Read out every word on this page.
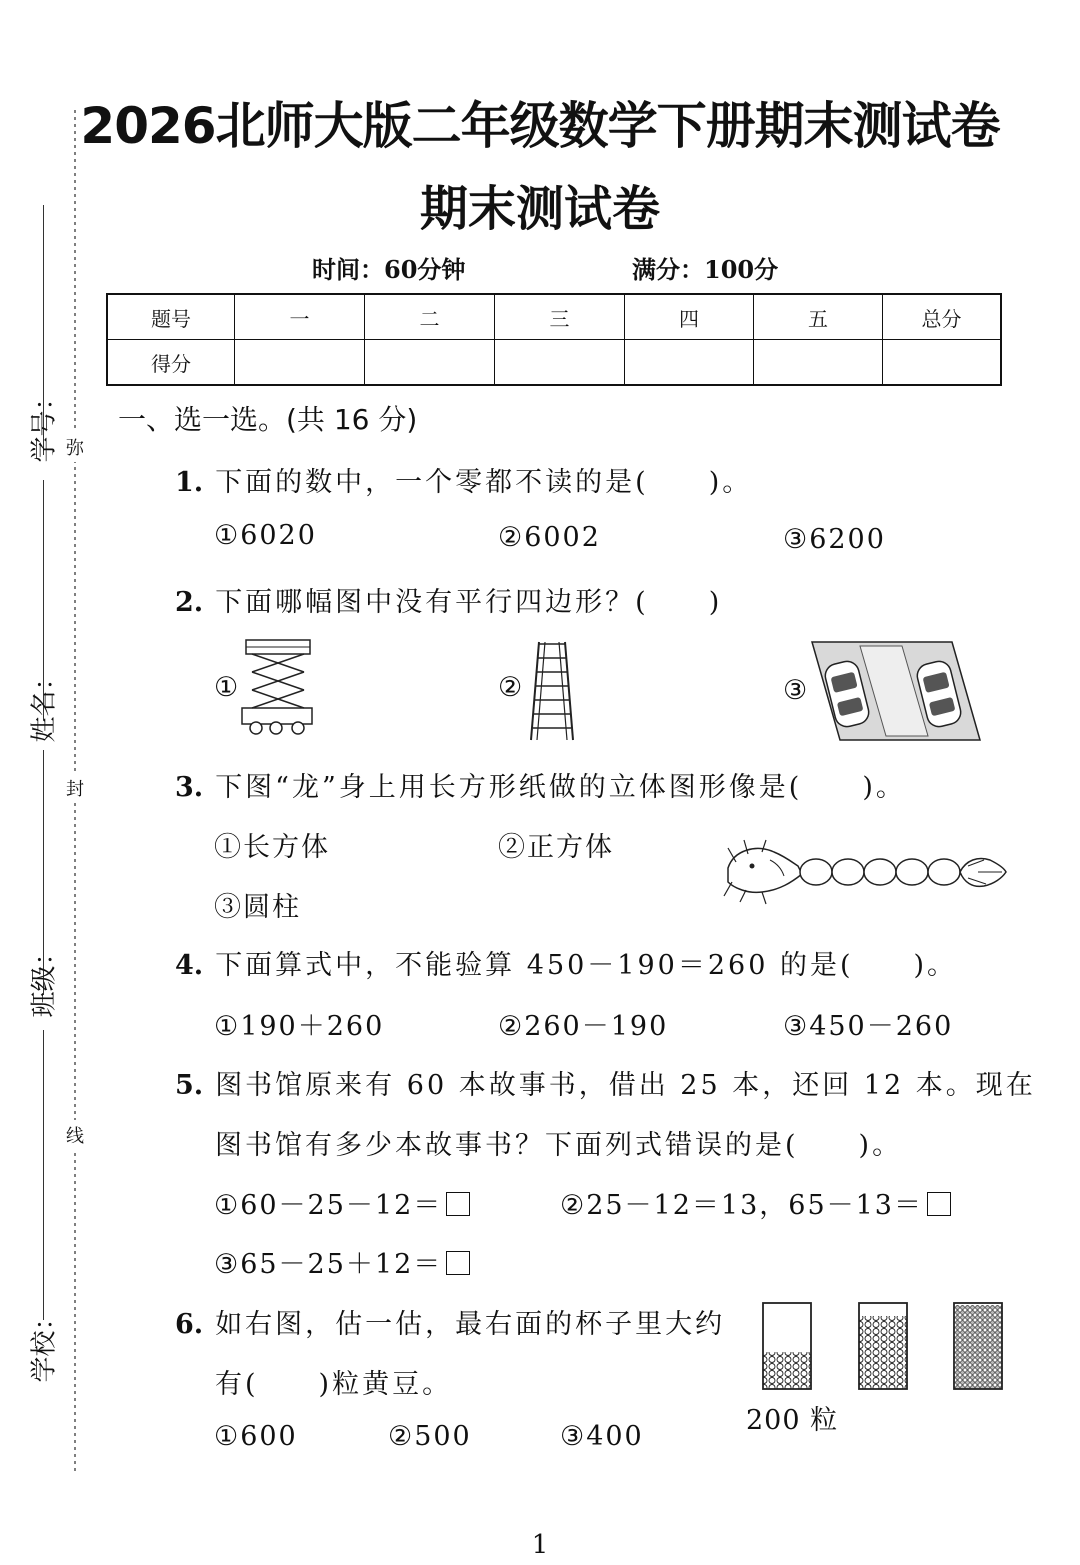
学号：
姓名：
班级：
学校：
弥
封
线
2026北师大版二年级数学下册期末测试卷
期末测试卷
时间：60分钟	满分：100分
题号	一	二	三	四	五	总分
得分						
一、选一选。(共 16 分)
1. 下面的数中，一个零都不读的是(　　)。
①6020	②6002	③6200
2. 下面哪幅图中没有平行四边形？(　　)
①	②	③
3. 下图“龙”身上用长方形纸做的立体图形像是(　　)。
①长方体	②正方体
③圆柱
4. 下面算式中，不能验算 450－190＝260 的是(　　)。
①190＋260	②260－190	③450－260
5. 图书馆原来有 60 本故事书，借出 25 本，还回 12 本。现在
图书馆有多少本故事书？下面列式错误的是(　　)。
①60－25－12＝	②25－12＝13，65－13＝
③65－25＋12＝
6. 如右图，估一估，最右面的杯子里大约
有(　　)粒黄豆。
①600	②500	③400
200 粒
1
